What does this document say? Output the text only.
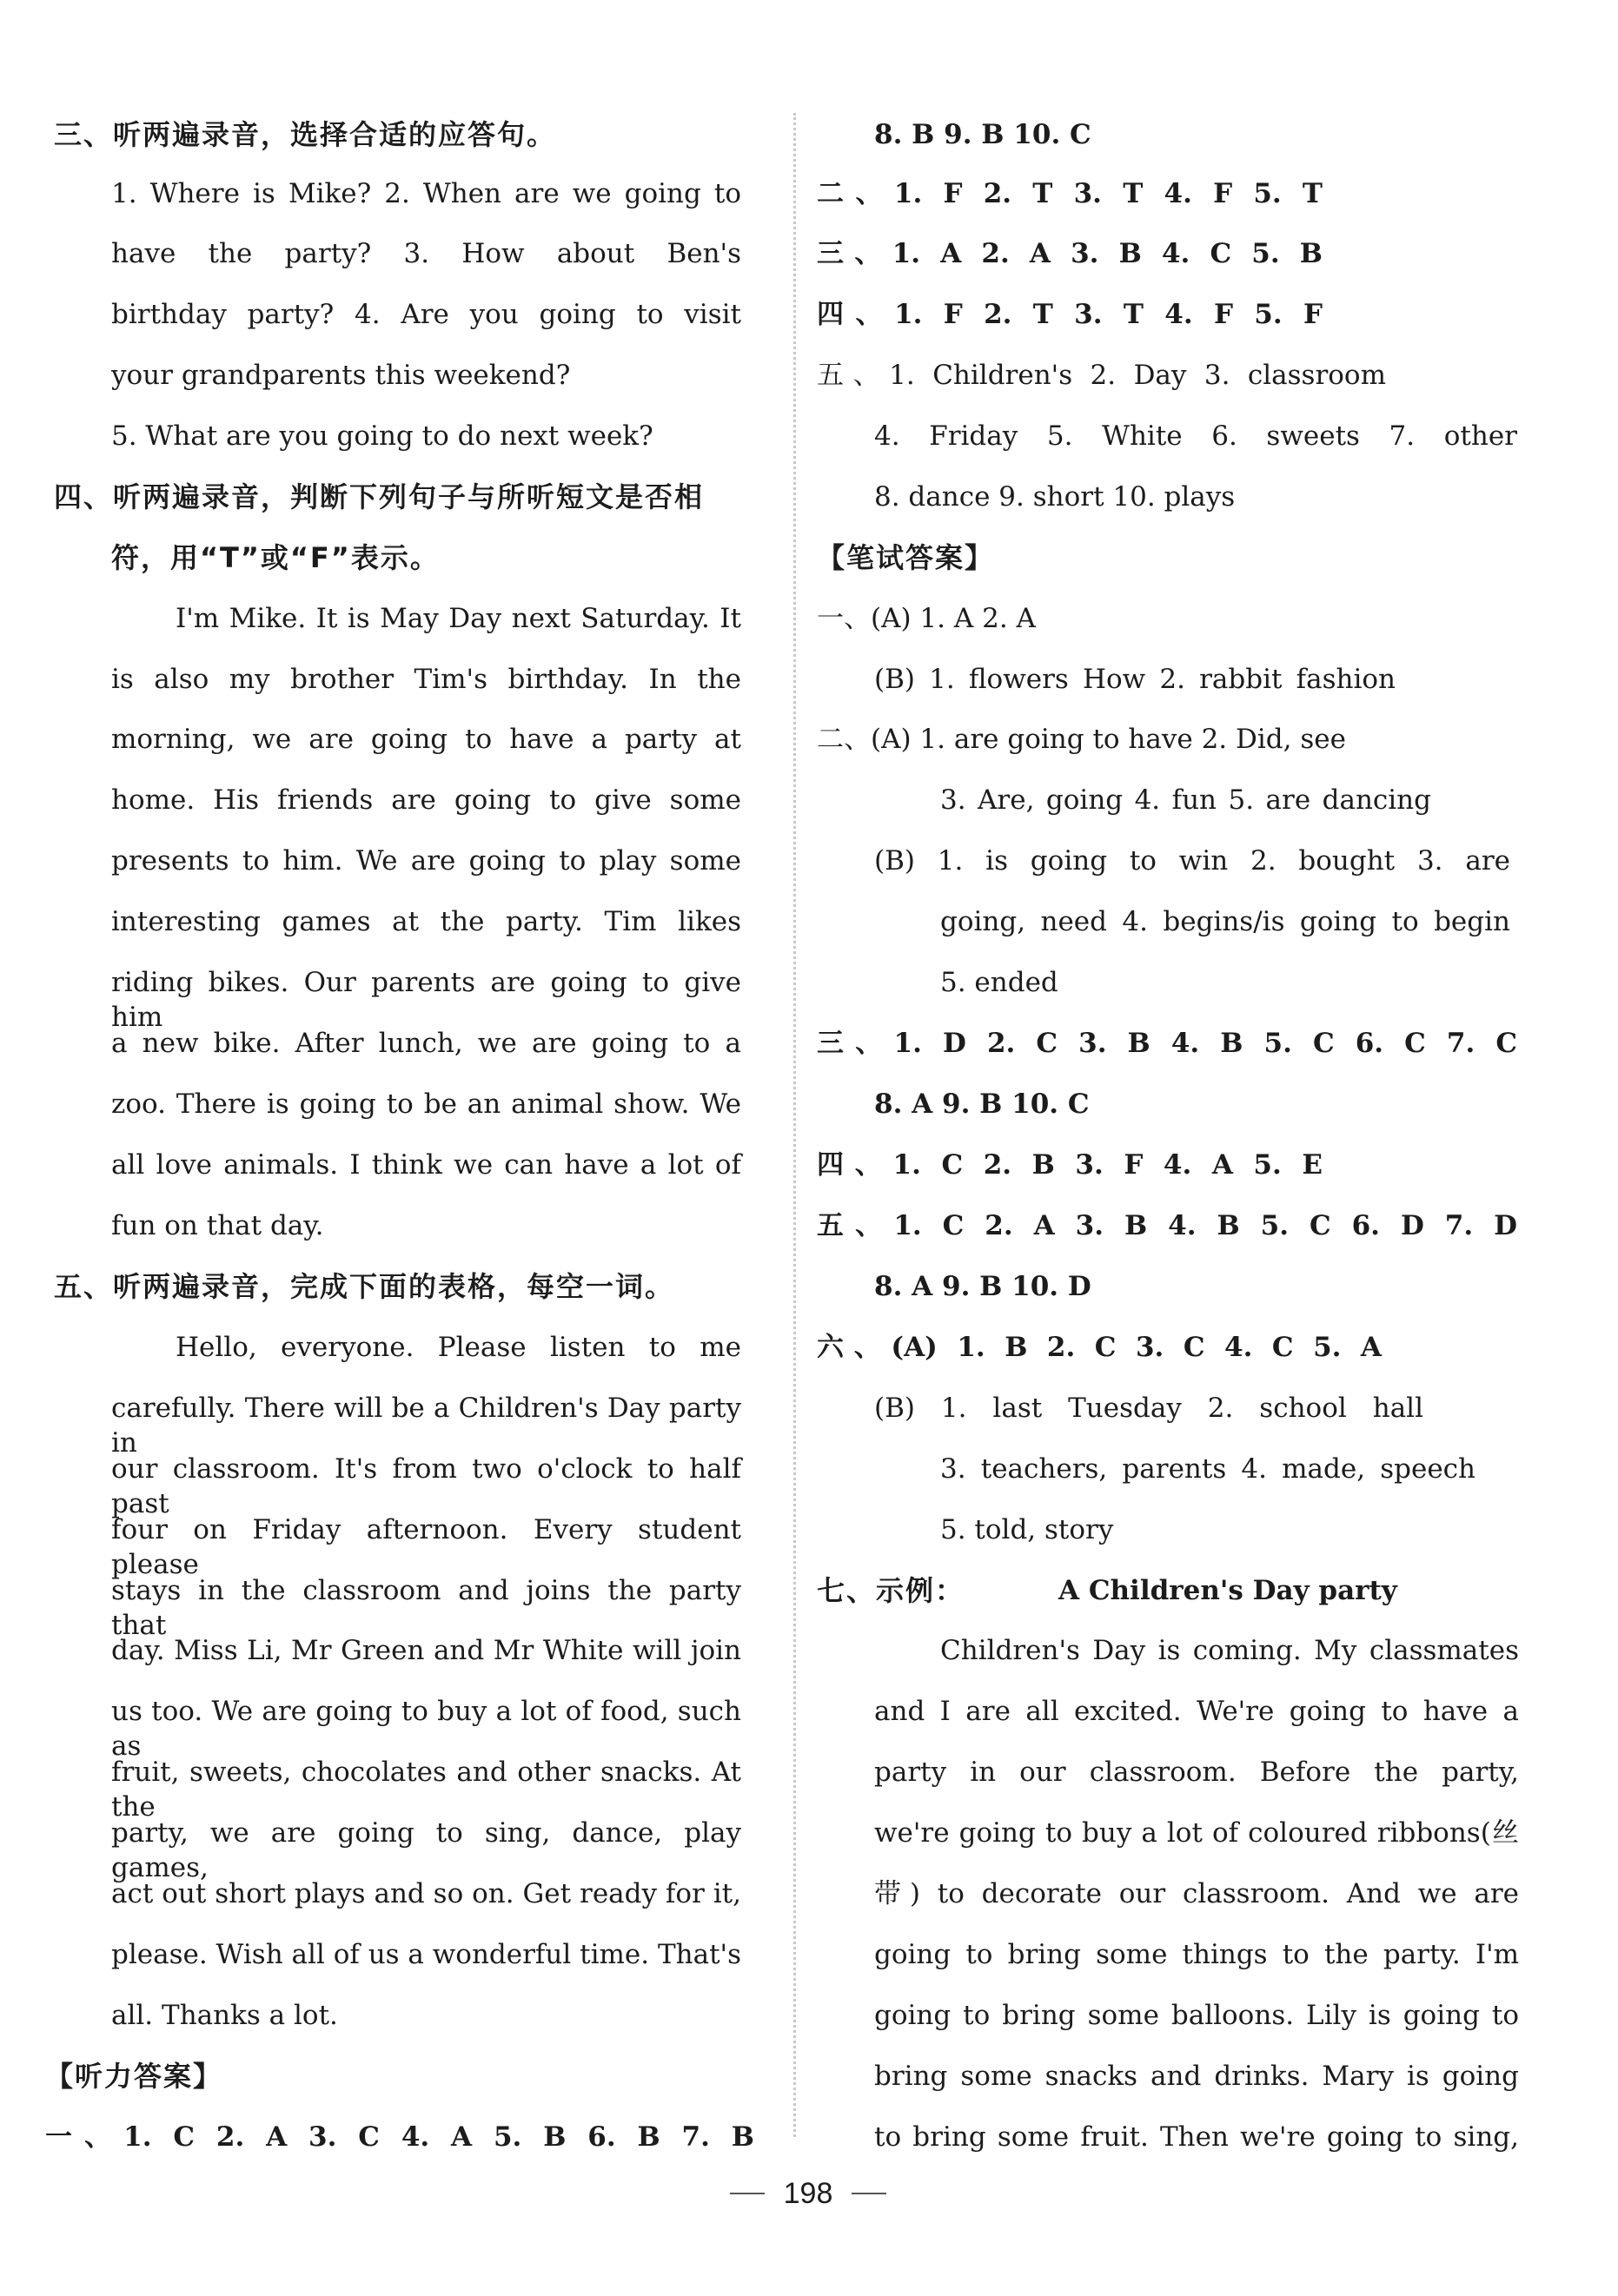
三、听两遍录音，选择合适的应答句。
1. Where is Mike? 2. When are we going to
have the party? 3. How about Ben's
birthday party? 4. Are you going to visit
your grandparents this weekend?
5. What are you going to do next week?
四、听两遍录音，判断下列句子与所听短文是否相
符，用“T”或“F”表示。
I'm Mike. It is May Day next Saturday. It
is also my brother Tim's birthday. In the
morning, we are going to have a party at
home. His friends are going to give some
presents to him. We are going to play some
interesting games at the party. Tim likes
riding bikes. Our parents are going to give him
a new bike. After lunch, we are going to a
zoo. There is going to be an animal show. We
all love animals. I think we can have a lot of
fun on that day.
五、听两遍录音，完成下面的表格，每空一词。
Hello, everyone. Please listen to me
carefully. There will be a Children's Day party in
our classroom. It's from two o'clock to half past
four on Friday afternoon. Every student please
stays in the classroom and joins the party that
day. Miss Li, Mr Green and Mr White will join
us too. We are going to buy a lot of food, such as
fruit, sweets, chocolates and other snacks. At the
party, we are going to sing, dance, play games,
act out short plays and so on. Get ready for it,
please. Wish all of us a wonderful time. That's
all. Thanks a lot.
【听力答案】
一、1. C 2. A 3. C 4. A 5. B 6. B 7. B
8. B 9. B 10. C
二、1. F 2. T 3. T 4. F 5. T
三、1. A 2. A 3. B 4. C 5. B
四、1. F 2. T 3. T 4. F 5. F
五、1. Children's 2. Day 3. classroom
4. Friday 5. White 6. sweets 7. other
8. dance 9. short 10. plays
【笔试答案】
一、(A) 1. A 2. A
(B) 1. flowers How 2. rabbit fashion
二、(A) 1. are going to have 2. Did, see
3. Are, going 4. fun 5. are dancing
(B) 1. is going to win 2. bought 3. are
going, need 4. begins/is going to begin
5. ended
三、1. D 2. C 3. B 4. B 5. C 6. C 7. C
8. A 9. B 10. C
四、1. C 2. B 3. F 4. A 5. E
五、1. C 2. A 3. B 4. B 5. C 6. D 7. D
8. A 9. B 10. D
六、(A) 1. B 2. C 3. C 4. C 5. A
(B) 1. last Tuesday 2. school hall
3. teachers, parents 4. made, speech
5. told, story
七、示例：	A Children's Day party
Children's Day is coming. My classmates
and I are all excited. We're going to have a
party in our classroom. Before the party,
we're going to buy a lot of coloured ribbons(丝
带) to decorate our classroom. And we are
going to bring some things to the party. I'm
going to bring some balloons. Lily is going to
bring some snacks and drinks. Mary is going
to bring some fruit. Then we're going to sing,
198
